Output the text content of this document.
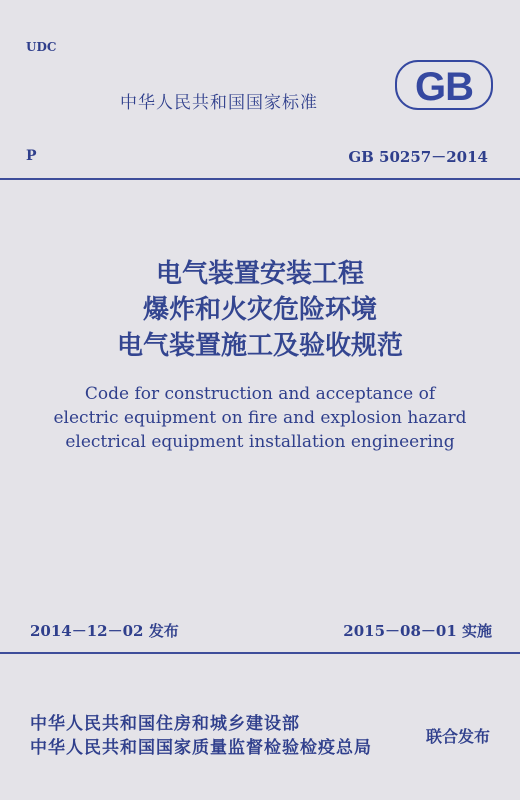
UDC
中华人民共和国国家标准 GB
P	GB 50257－2014
电气装置安装工程
爆炸和火灾危险环境
电气装置施工及验收规范
Code for construction and acceptance of
electric equipment on fire and explosion hazard
electrical equipment installation engineering
2014－12－02 发布	2015－08－01 实施
中华人民共和国住房和城乡建设部
中华人民共和国国家质量监督检验检疫总局
联合发布
